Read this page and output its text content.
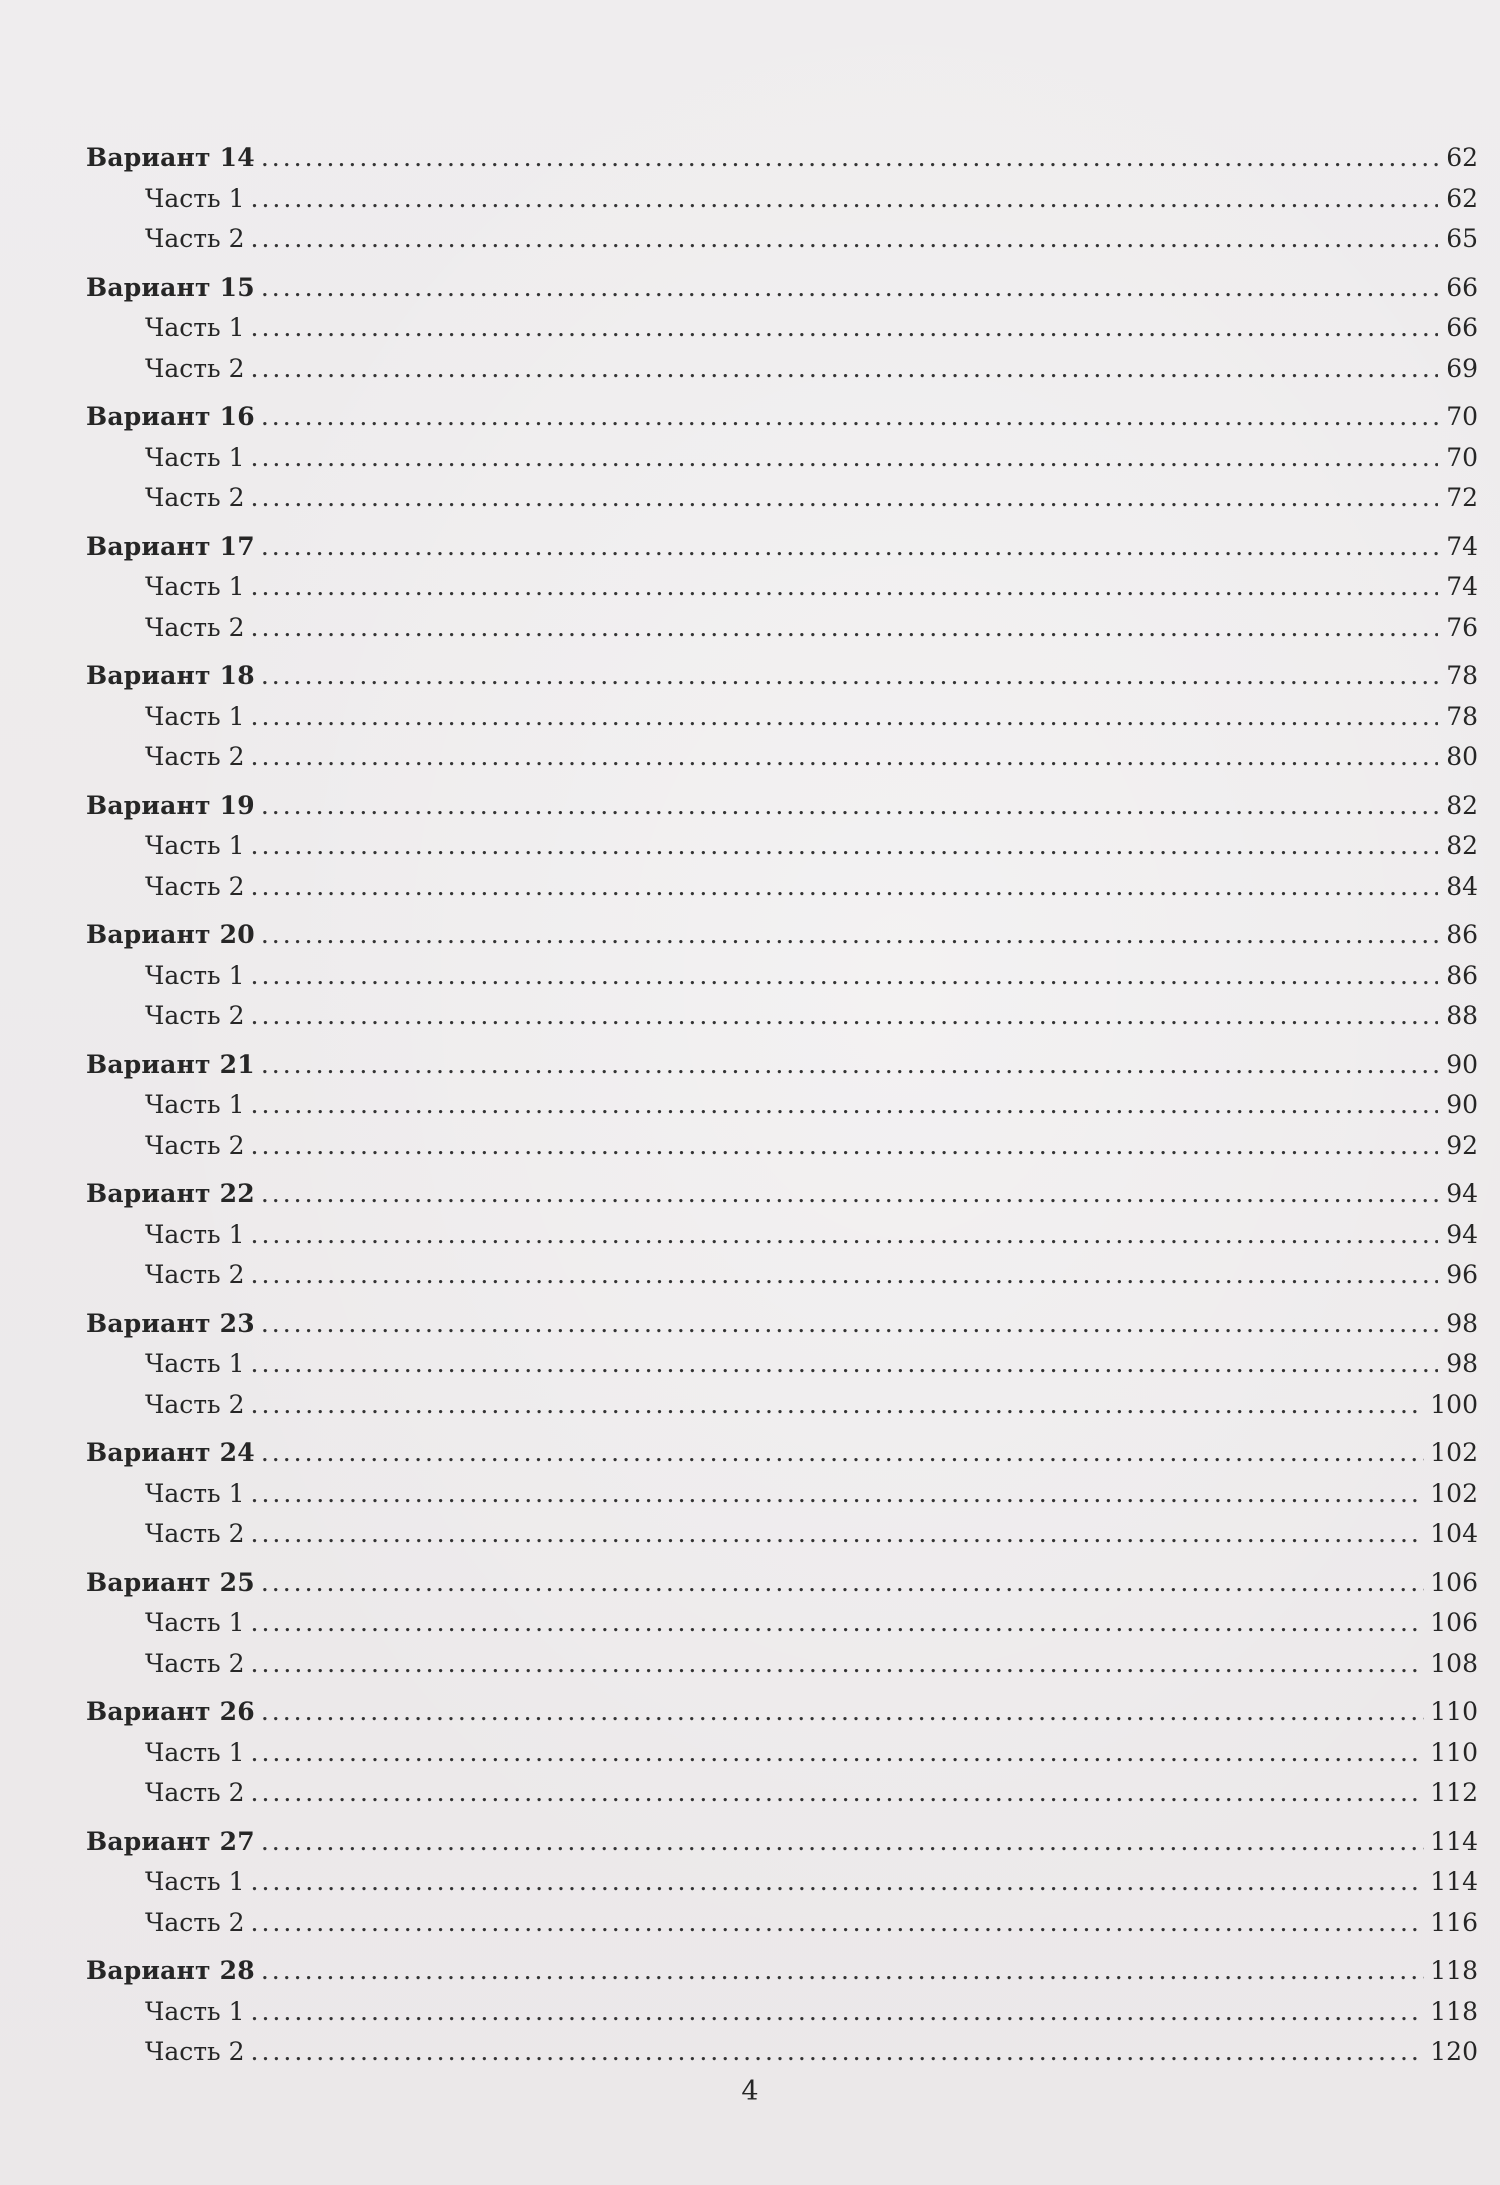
Вариант 14 .....	62
Часть 1 .....	62
Часть 2 .....	65
Вариант 15 .....	66
Часть 1 .....	66
Часть 2 .....	69
Вариант 16 .....	70
Часть 1 .....	70
Часть 2 .....	72
Вариант 17 .....	74
Часть 1 .....	74
Часть 2 .....	76
Вариант 18 .....	78
Часть 1 .....	78
Часть 2 .....	80
Вариант 19 .....	82
Часть 1 .....	82
Часть 2 .....	84
Вариант 20 .....	86
Часть 1 .....	86
Часть 2 .....	88
Вариант 21 .....	90
Часть 1 .....	90
Часть 2 .....	92
Вариант 22 .....	94
Часть 1 .....	94
Часть 2 .....	96
Вариант 23 .....	98
Часть 1 .....	98
Часть 2 .....	100
Вариант 24 .....	102
Часть 1 .....	102
Часть 2 .....	104
Вариант 25 .....	106
Часть 1 .....	106
Часть 2 .....	108
Вариант 26 .....	110
Часть 1 .....	110
Часть 2 .....	112
Вариант 27 .....	114
Часть 1 .....	114
Часть 2 .....	116
Вариант 28 .....	118
Часть 1 .....	118
Часть 2 .....	120
4
